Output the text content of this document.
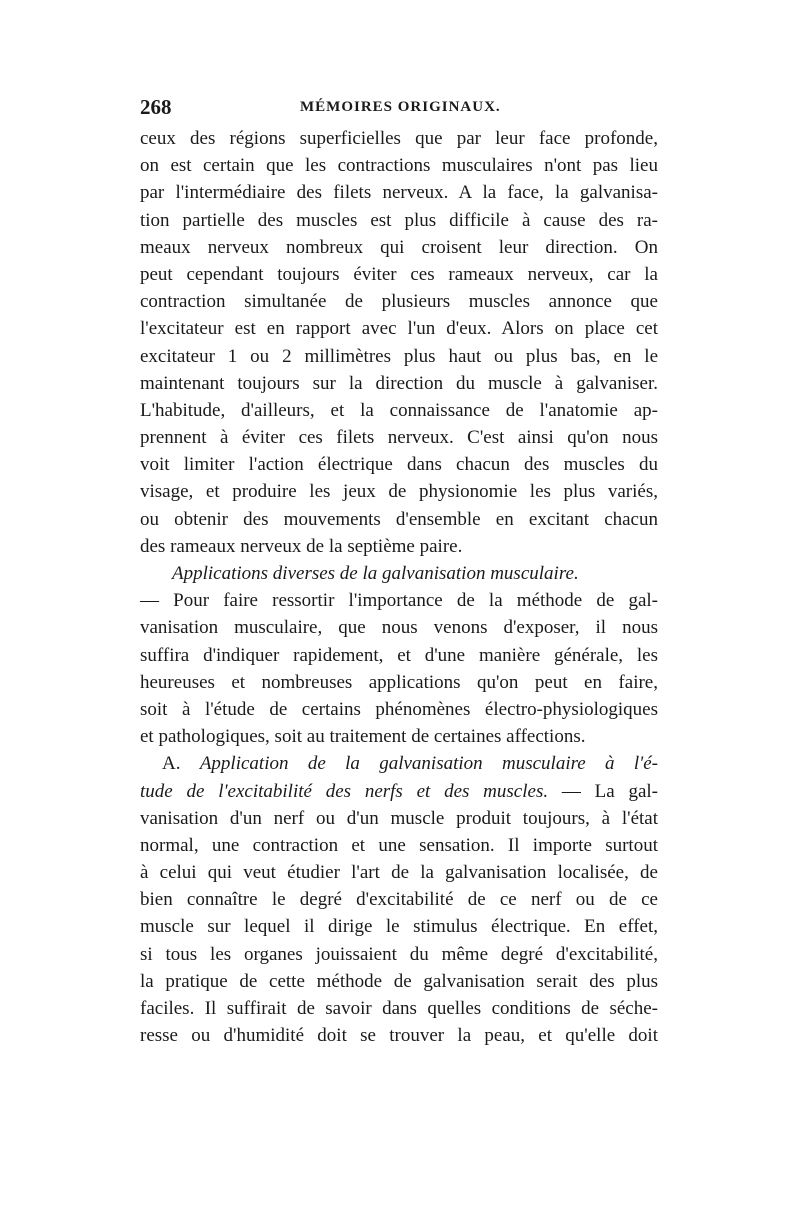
268	MÉMOIRES ORIGINAUX.
ceux des régions superficielles que par leur face profonde,
on est certain que les contractions musculaires n'ont pas lieu
par l'intermédiaire des filets nerveux. A la face, la galvanisa-
tion partielle des muscles est plus difficile à cause des ra-
meaux nerveux nombreux qui croisent leur direction. On
peut cependant toujours éviter ces rameaux nerveux, car la
contraction simultanée de plusieurs muscles annonce que
l'excitateur est en rapport avec l'un d'eux. Alors on place cet
excitateur 1 ou 2 millimètres plus haut ou plus bas, en le
maintenant toujours sur la direction du muscle à galvaniser.
L'habitude, d'ailleurs, et la connaissance de l'anatomie ap-
prennent à éviter ces filets nerveux. C'est ainsi qu'on nous
voit limiter l'action électrique dans chacun des muscles du
visage, et produire les jeux de physionomie les plus variés,
ou obtenir des mouvements d'ensemble en excitant chacun
des rameaux nerveux de la septième paire.
Applications diverses de la galvanisation musculaire.
— Pour faire ressortir l'importance de la méthode de gal-
vanisation musculaire, que nous venons d'exposer, il nous
suffira d'indiquer rapidement, et d'une manière générale, les
heureuses et nombreuses applications qu'on peut en faire,
soit à l'étude de certains phénomènes électro-physiologiques
et pathologiques, soit au traitement de certaines affections.
A. Application de la galvanisation musculaire à l'é-
tude de l'excitabilité des nerfs et des muscles. — La gal-
vanisation d'un nerf ou d'un muscle produit toujours, à l'état
normal, une contraction et une sensation. Il importe surtout
à celui qui veut étudier l'art de la galvanisation localisée, de
bien connaître le degré d'excitabilité de ce nerf ou de ce
muscle sur lequel il dirige le stimulus électrique. En effet,
si tous les organes jouissaient du même degré d'excitabilité,
la pratique de cette méthode de galvanisation serait des plus
faciles. Il suffirait de savoir dans quelles conditions de séche-
resse ou d'humidité doit se trouver la peau, et qu'elle doit
